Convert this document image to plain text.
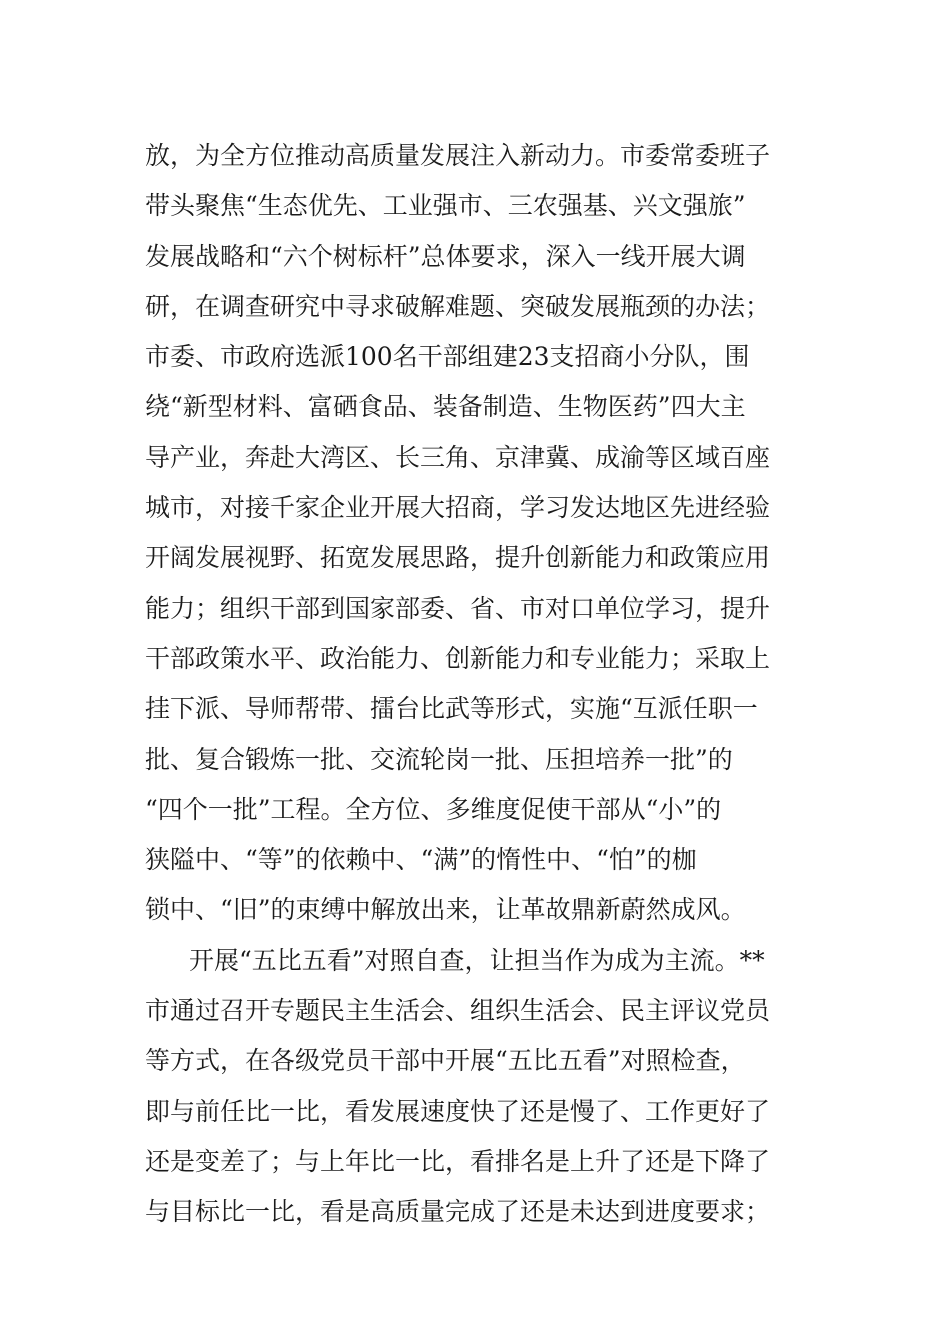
放，为全方位推动高质量发展注入新动力。市委常委班子
带头聚焦“生态优先、工业强市、三农强基、兴文强旅”
发展战略和“六个树标杆”总体要求，深入一线开展大调
研，在调查研究中寻求破解难题、突破发展瓶颈的办法；
市委、市政府选派100名干部组建23支招商小分队，围
绕“新型材料、富硒食品、装备制造、生物医药”四大主
导产业，奔赴大湾区、长三角、京津冀、成渝等区域百座
城市，对接千家企业开展大招商，学习发达地区先进经验
开阔发展视野、拓宽发展思路，提升创新能力和政策应用
能力；组织干部到国家部委、省、市对口单位学习，提升
干部政策水平、政治能力、创新能力和专业能力；采取上
挂下派、导师帮带、擂台比武等形式，实施“互派任职一
批、复合锻炼一批、交流轮岗一批、压担培养一批”的
“四个一批”工程。全方位、多维度促使干部从“小”的
狭隘中、“等”的依赖中、“满”的惰性中、“怕”的枷
锁中、“旧”的束缚中解放出来，让革故鼎新蔚然成风。
开展“五比五看”对照自查，让担当作为成为主流。**
市通过召开专题民主生活会、组织生活会、民主评议党员
等方式，在各级党员干部中开展“五比五看”对照检查，
即与前任比一比，看发展速度快了还是慢了、工作更好了
还是变差了；与上年比一比，看排名是上升了还是下降了
与目标比一比，看是高质量完成了还是未达到进度要求；
